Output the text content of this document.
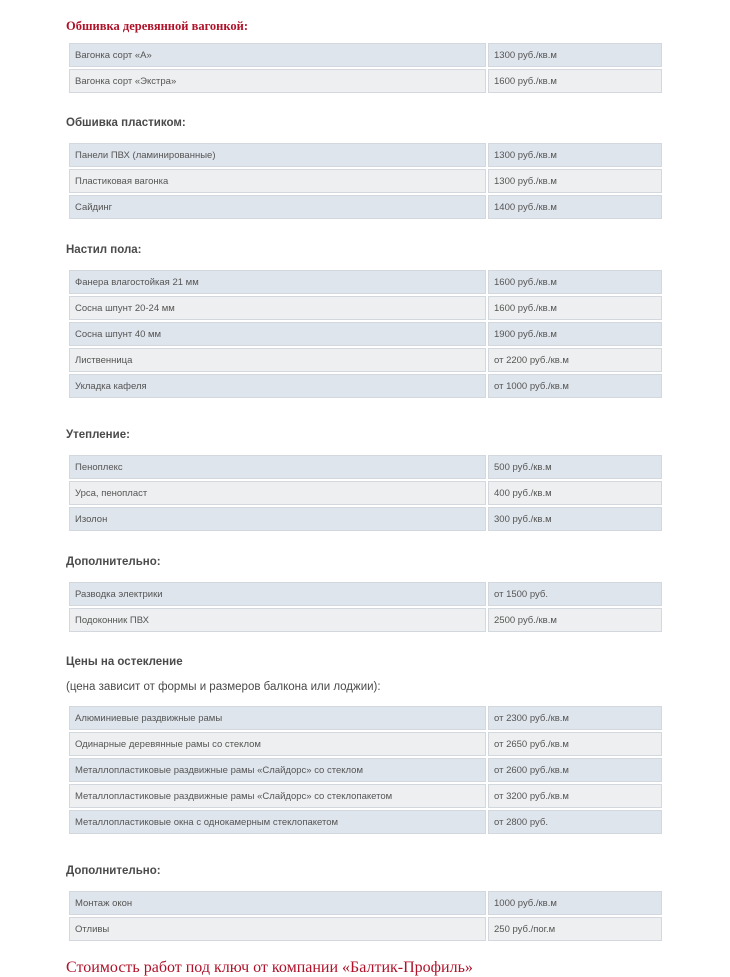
Обшивка деревянной вагонкой:
Вагонка сорт «А»	1300 руб./кв.м
Вагонка сорт «Экстра»	1600 руб./кв.м
Обшивка пластиком:
Панели ПВХ (ламинированные)	1300 руб./кв.м
Пластиковая вагонка	1300 руб./кв.м
Сайдинг	1400 руб./кв.м
Настил пола:
Фанера влагостойкая 21 мм	1600 руб./кв.м
Сосна шпунт 20-24 мм	1600 руб./кв.м
Сосна шпунт 40 мм	1900 руб./кв.м
Лиственница	от 2200 руб./кв.м
Укладка кафеля	от 1000 руб./кв.м
Утепление:
Пеноплекс	500 руб./кв.м
Урса, пенопласт	400 руб./кв.м
Изолон	300 руб./кв.м
Дополнительно:
Разводка электрики	от 1500 руб.
Подоконник ПВХ	2500 руб./кв.м
Цены на остекление
(цена зависит от формы и размеров балкона или лоджии):
Алюминиевые раздвижные рамы	от 2300 руб./кв.м
Одинарные деревянные рамы со стеклом	от 2650 руб./кв.м
Металлопластиковые раздвижные рамы «Слайдорс» со стеклом	от 2600 руб./кв.м
Металлопластиковые раздвижные рамы «Слайдорс» со стеклопакетом	от 3200 руб./кв.м
Металлопластиковые окна с однокамерным стеклопакетом	от 2800 руб.
Дополнительно:
Монтаж окон	1000 руб./кв.м
Отливы	250 руб./пог.м
Стоимость работ под ключ от компании «Балтик-Профиль»
